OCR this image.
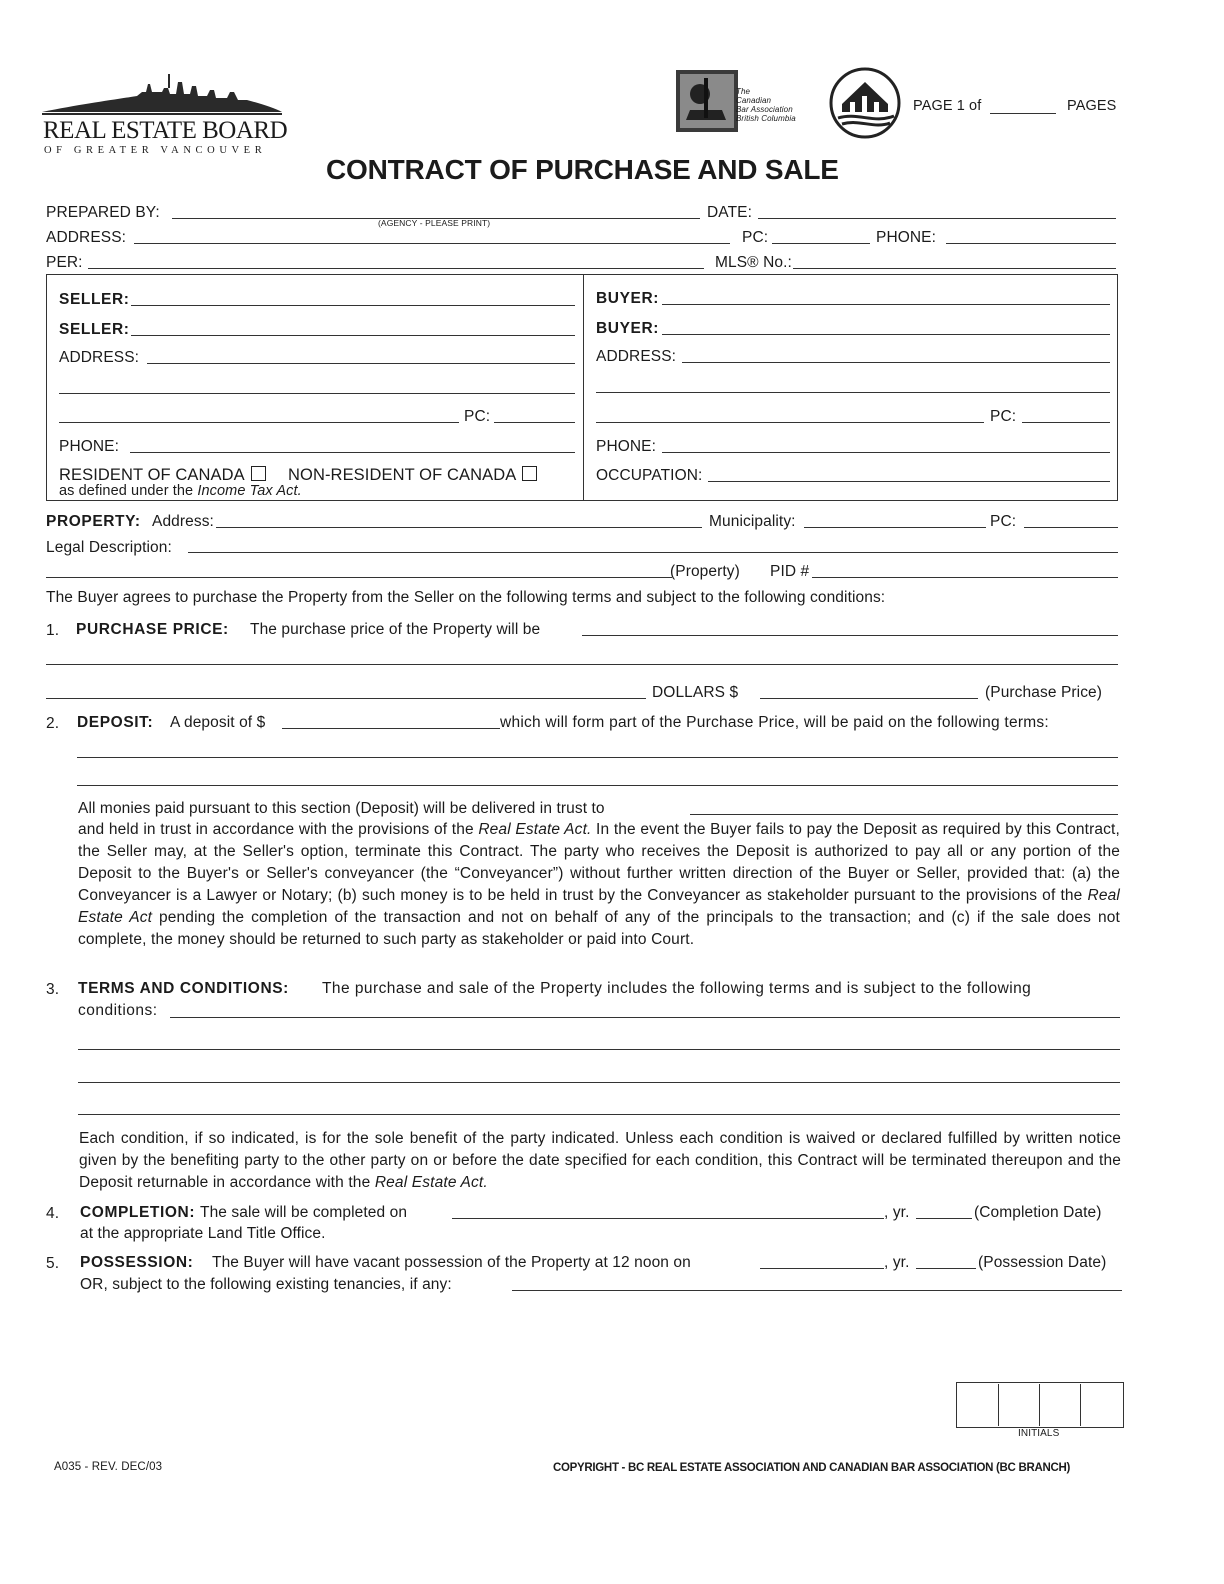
REAL ESTATE BOARD
OF GREATER VANCOUVER
The
Canadian
Bar Association
British Columbia
PAGE 1 of	PAGES
CONTRACT OF PURCHASE AND SALE
PREPARED BY:
(AGENCY - PLEASE PRINT)
DATE:
ADDRESS:	PC:	PHONE:
PER:	MLS® No.:
SELLER:
SELLER:
ADDRESS:
PC:
PHONE:
RESIDENT OF CANADA	NON-RESIDENT OF CANADA
as defined under the Income Tax Act.
BUYER:
BUYER:
ADDRESS:
PC:
PHONE:
OCCUPATION:
PROPERTY: Address:	Municipality:	PC:
Legal Description:
(Property) PID #
The Buyer agrees to purchase the Property from the Seller on the following terms and subject to the following conditions:
1. PURCHASE PRICE: The purchase price of the Property will be
DOLLARS $	(Purchase Price)
2. DEPOSIT: A deposit of $	which will form part of the Purchase Price, will be paid on the following terms:
All monies paid pursuant to this section (Deposit) will be delivered in trust to
and held in trust in accordance with the provisions of the Real Estate Act. In the event the Buyer fails to pay the Deposit as required by this Contract, the Seller may, at the Seller's option, terminate this Contract. The party who receives the Deposit is authorized to pay all or any portion of the Deposit to the Buyer's or Seller's conveyancer (the “Conveyancer”) without further written direction of the Buyer or Seller, provided that: (a) the Conveyancer is a Lawyer or Notary; (b) such money is to be held in trust by the Conveyancer as stakeholder pursuant to the provisions of the Real Estate Act pending the completion of the transaction and not on behalf of any of the principals to the transaction; and (c) if the sale does not complete, the money should be returned to such party as stakeholder or paid into Court.
3. TERMS AND CONDITIONS: The purchase and sale of the Property includes the following terms and is subject to the following
conditions:
Each condition, if so indicated, is for the sole benefit of the party indicated. Unless each condition is waived or declared fulfilled by written notice given by the benefiting party to the other party on or before the date specified for each condition, this Contract will be terminated thereupon and the Deposit returnable in accordance with the Real Estate Act.
4. COMPLETION: The sale will be completed on	, yr.	(Completion Date)
at the appropriate Land Title Office.
5. POSSESSION: The Buyer will have vacant possession of the Property at 12 noon on	, yr.	(Possession Date)
OR, subject to the following existing tenancies, if any:
INITIALS
A035 - REV. DEC/03	COPYRIGHT - BC REAL ESTATE ASSOCIATION AND CANADIAN BAR ASSOCIATION (BC BRANCH)
